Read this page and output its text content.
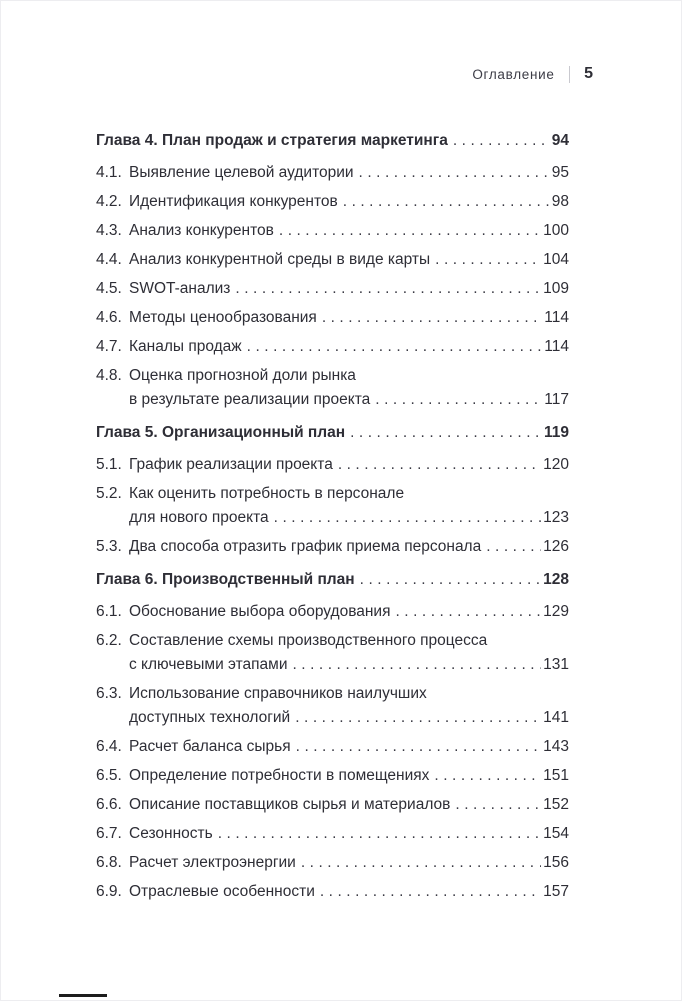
Оглавление 5
Глава 4. План продаж и стратегия маркетинга .....	94
4.1. Выявление целевой аудитории .....	95
4.2. Идентификация конкурентов .....	98
4.3. Анализ конкурентов .....	100
4.4. Анализ конкурентной среды в виде карты .....	104
4.5. SWOT-анализ .....	109
4.6. Методы ценообразования .....	114
4.7. Каналы продаж .....	114
4.8. Оценка прогнозной доли рынка
в результате реализации проекта .....	117
Глава 5. Организационный план .....	119
5.1. График реализации проекта .....	120
5.2. Как оценить потребность в персонале
для нового проекта .....	123
5.3. Два способа отразить график приема персонала .....	126
Глава 6. Производственный план .....	128
6.1. Обоснование выбора оборудования .....	129
6.2. Составление схемы производственного процесса
с ключевыми этапами .....	131
6.3. Использование справочников наилучших
доступных технологий .....	141
6.4. Расчет баланса сырья .....	143
6.5. Определение потребности в помещениях .....	151
6.6. Описание поставщиков сырья и материалов .....	152
6.7. Сезонность .....	154
6.8. Расчет электроэнергии .....	156
6.9. Отраслевые особенности .....	157
